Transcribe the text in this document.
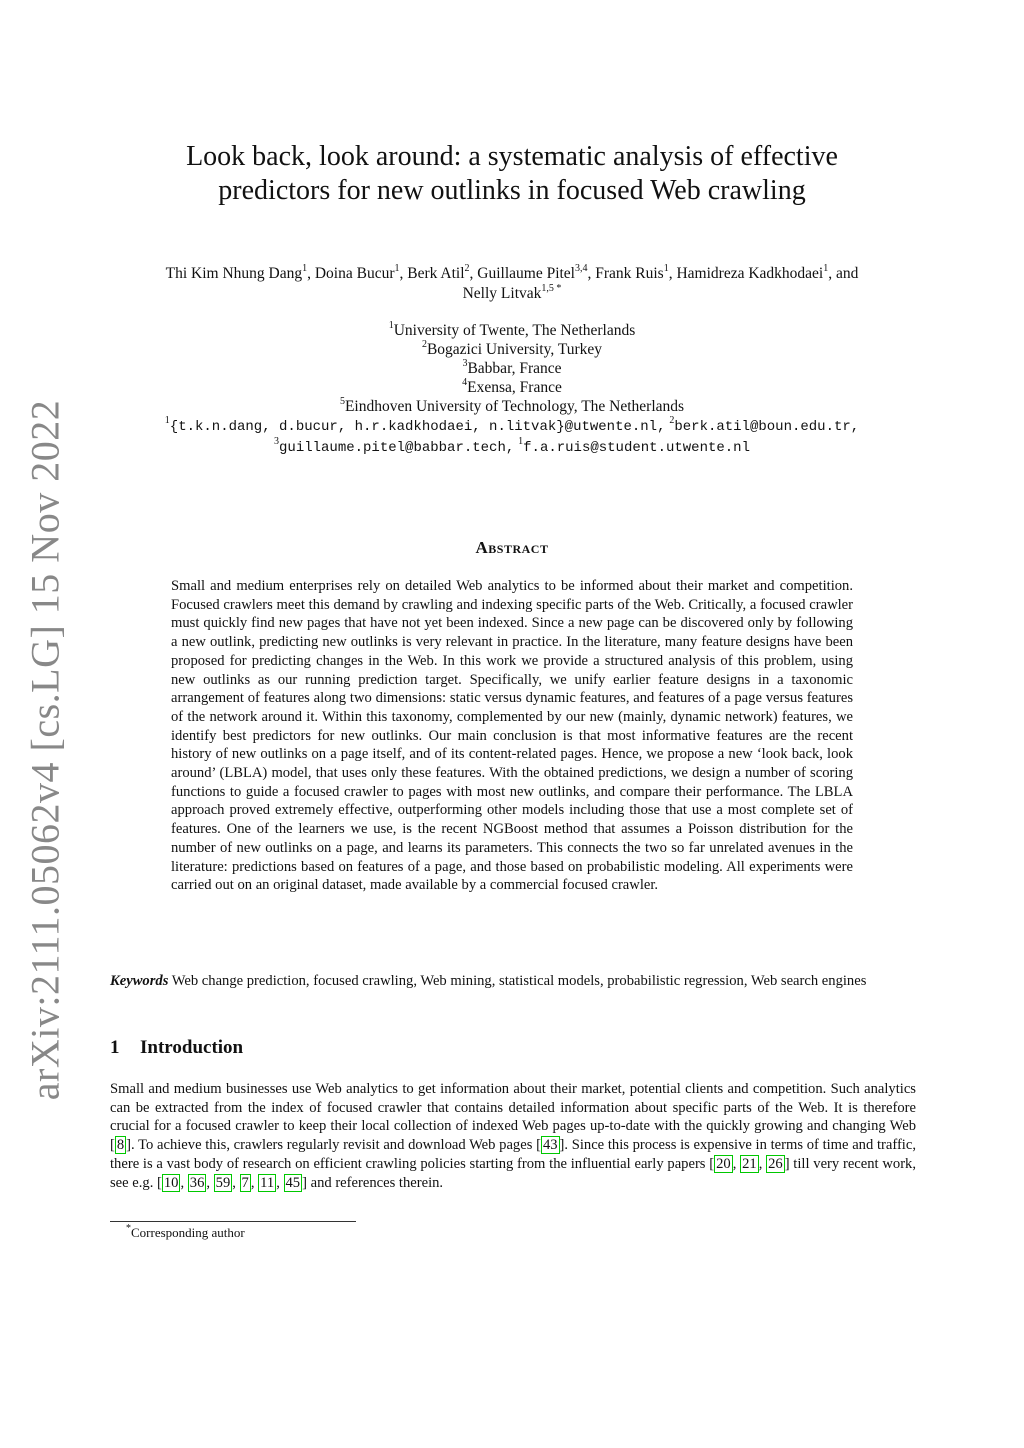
arXiv:2111.05062v4 [cs.LG] 15 Nov 2022
Look back, look around: a systematic analysis of effective
predictors for new outlinks in focused Web crawling
Thi Kim Nhung Dang$^1$, Doina Bucur$^1$, Berk Atil$^2$, Guillaume Pitel$^{3,4}$, Frank Ruis$^1$, Hamidreza Kadkhodaei$^1$, and
Nelly Litvak$^{1,5 *}$
$^1$University of Twente, The Netherlands
$^2$Bogazici University, Turkey
$^3$Babbar, France
$^4$Exensa, France
$^5$Eindhoven University of Technology, The Netherlands
$^1${t.k.n.dang, d.bucur, h.r.kadkhodaei, n.litvak}@utwente.nl, $^2$berk.atil@boun.edu.tr,
$^3$guillaume.pitel@babbar.tech, $^1$f.a.ruis@student.utwente.nl
Abstract
Small and medium enterprises rely on detailed Web analytics to be informed about their market and competition. Focused crawlers meet this demand by crawling and indexing specific parts of the Web. Critically, a focused crawler must quickly find new pages that have not yet been indexed. Since a new page can be discovered only by following a new outlink, predicting new outlinks is very relevant in practice. In the literature, many feature designs have been proposed for predicting changes in the Web. In this work we provide a structured analysis of this problem, using new outlinks as our running prediction target. Specifically, we unify earlier feature designs in a taxonomic arrangement of features along two dimensions: static versus dynamic features, and features of a page versus features of the network around it. Within this taxonomy, complemented by our new (mainly, dynamic network) features, we identify best predictors for new outlinks. Our main conclusion is that most informative features are the recent history of new outlinks on a page itself, and of its content-related pages. Hence, we propose a new ‘look back, look around’ (LBLA) model, that uses only these features. With the obtained predictions, we design a number of scoring functions to guide a focused crawler to pages with most new outlinks, and compare their performance. The LBLA approach proved extremely effective, outperforming other models including those that use a most complete set of features. One of the learners we use, is the recent NGBoost method that assumes a Poisson distribution for the number of new outlinks on a page, and learns its parameters. This connects the two so far unrelated avenues in the literature: predictions based on features of a page, and those based on probabilistic modeling. All experiments were carried out on an original dataset, made available by a commercial focused crawler.
Keywords Web change prediction, focused crawling, Web mining, statistical models, probabilistic regression, Web search engines
1 Introduction
Small and medium businesses use Web analytics to get information about their market, potential clients and competition. Such analytics can be extracted from the index of focused crawler that contains detailed information about specific parts of the Web. It is therefore crucial for a focused crawler to keep their local collection of indexed Web pages up-to-date with the quickly growing and changing Web [ 8 ]. To achieve this, crawlers regularly revisit and download Web pages [ 43 ]. Since this process is expensive in terms of time and traffic, there is a vast body of research on efficient crawling policies starting from the influential early papers [ 20 , 21 , 26 ] till very recent work, see e.g. [ 10 , 36 , 59 , 7 , 11 , 45 ] and references therein.
*Corresponding author
